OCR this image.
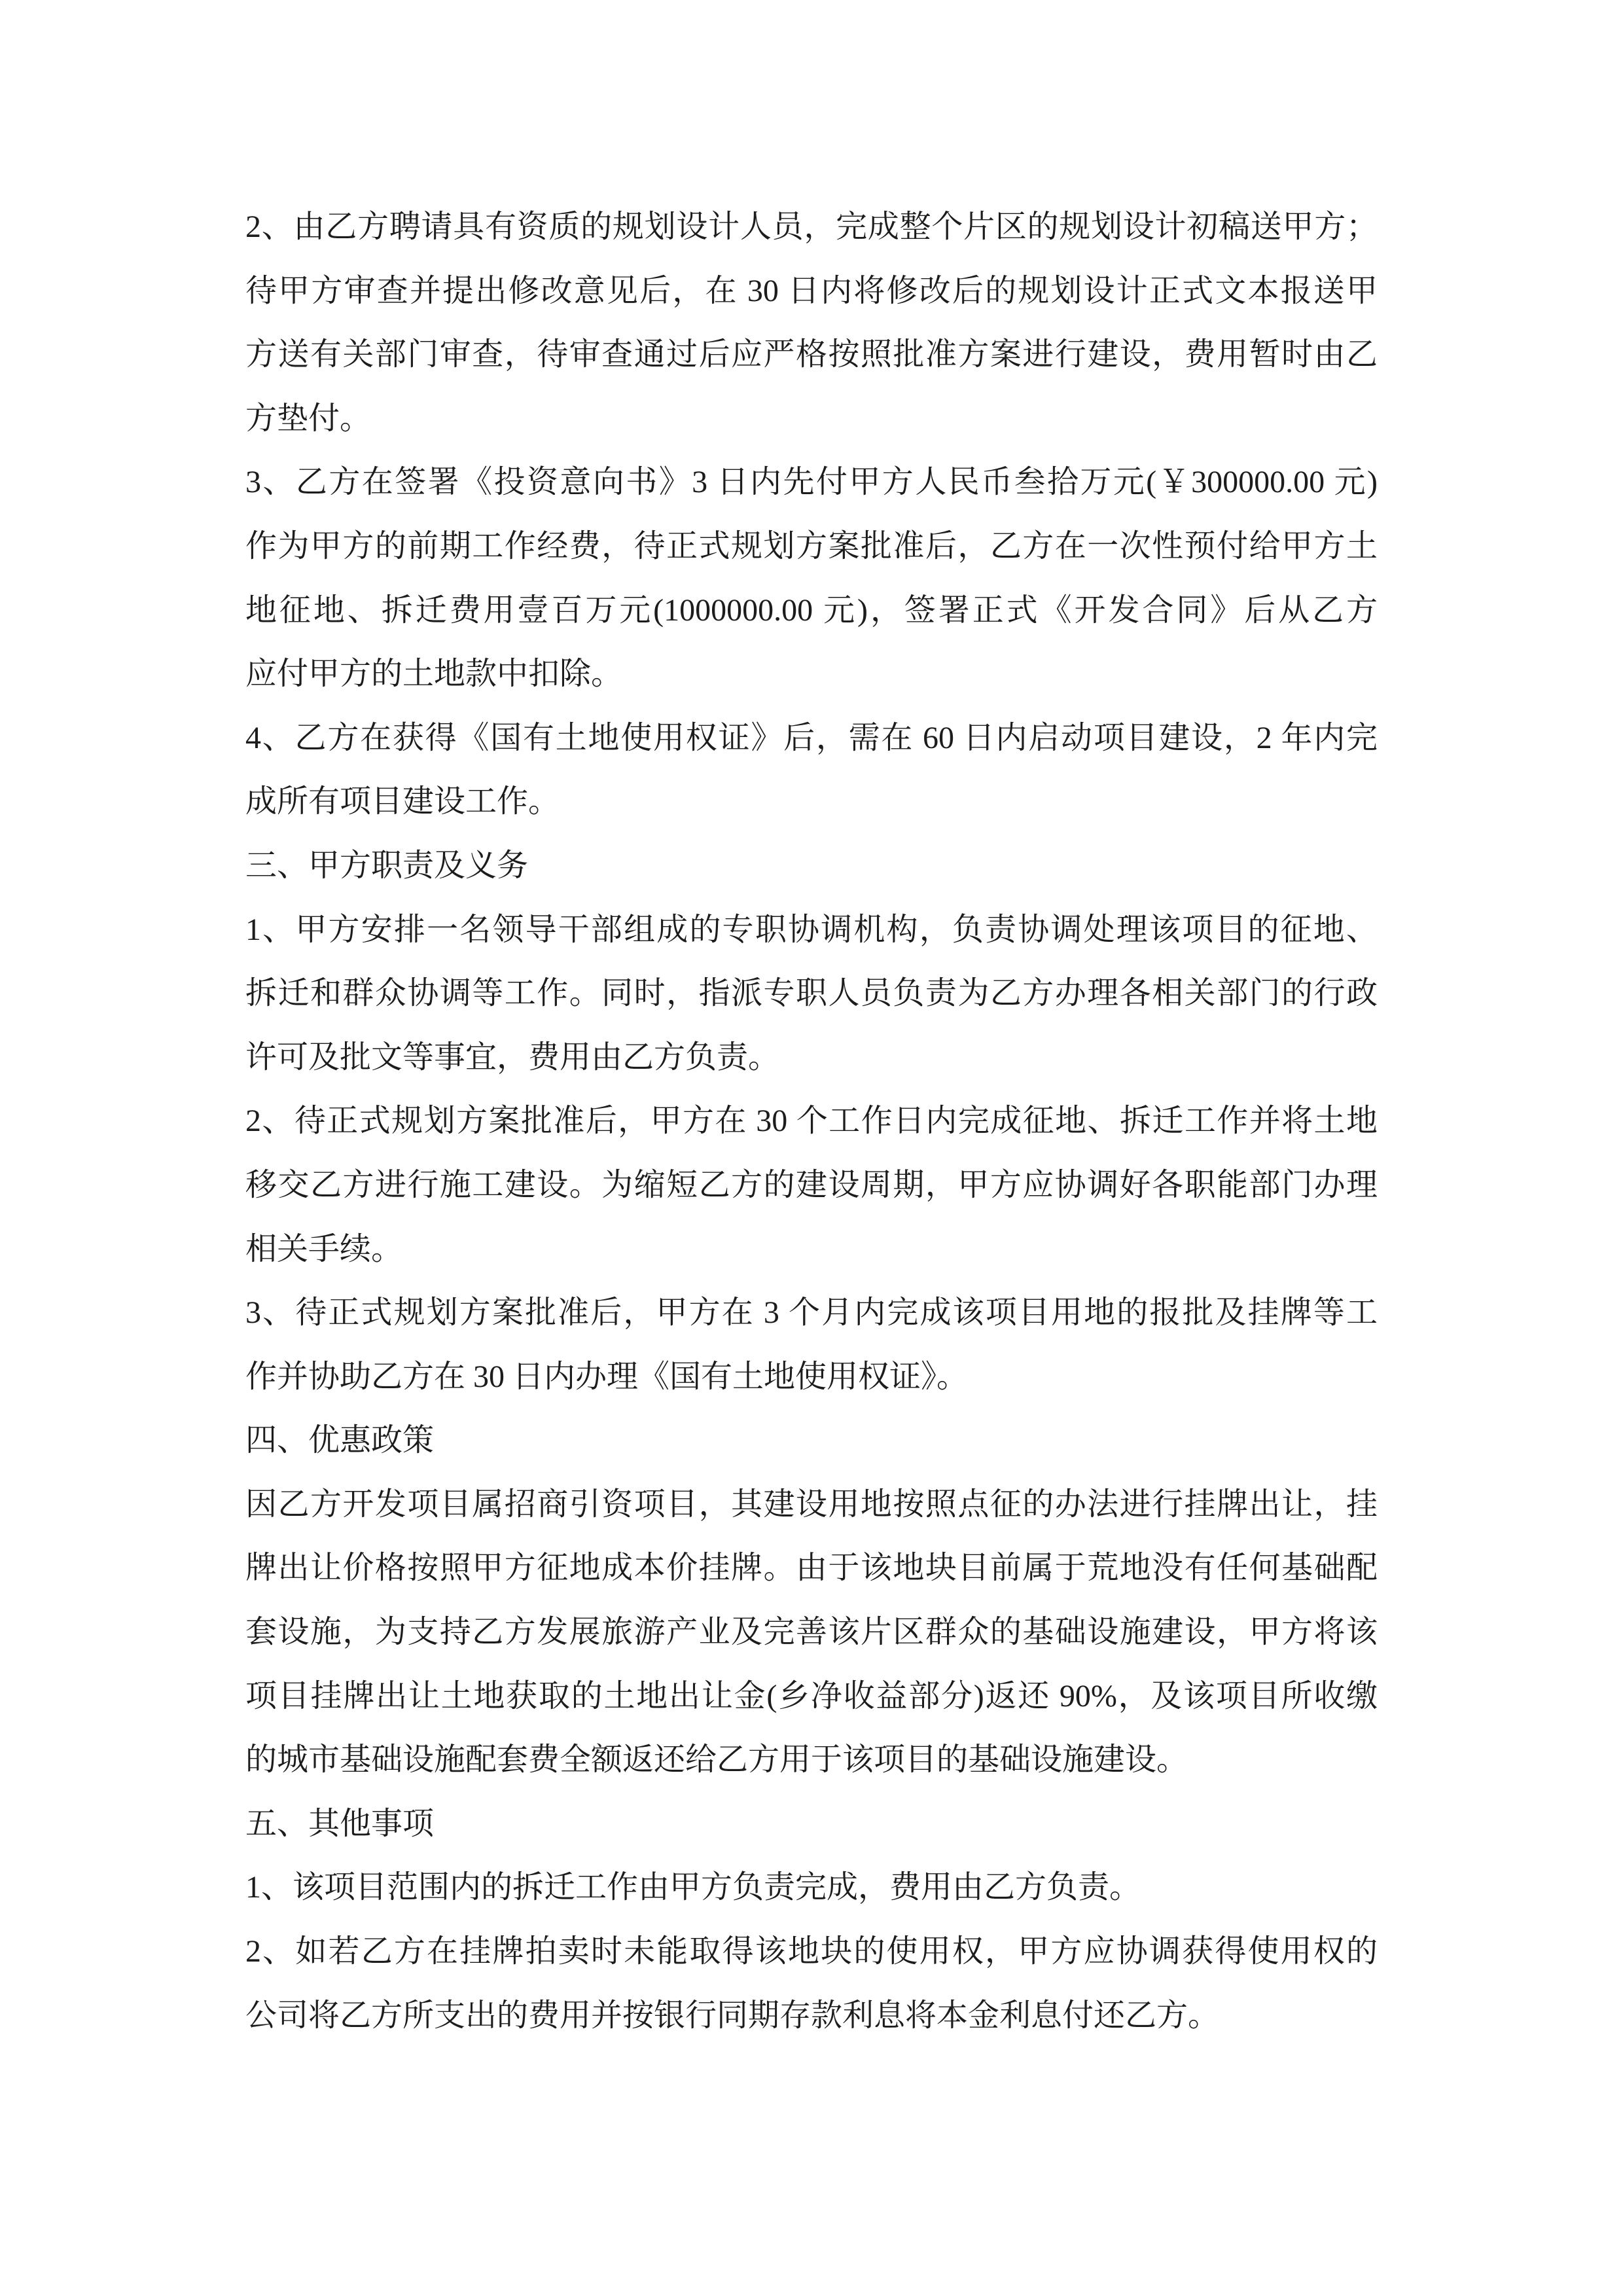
2、由乙方聘请具有资质的规划设计人员，完成整个片区的规划设计初稿送甲方；
待甲方审查并提出修改意见后，在 30 日内将修改后的规划设计正式文本报送甲
方送有关部门审查，待审查通过后应严格按照批准方案进行建设，费用暂时由乙
方垫付。
3、乙方在签署《投资意向书》3 日内先付甲方人民币叁拾万元(￥300000.00 元)
作为甲方的前期工作经费，待正式规划方案批准后，乙方在一次性预付给甲方土
地征地、拆迁费用壹百万元(1000000.00 元)，签署正式《开发合同》后从乙方
应付甲方的土地款中扣除。
4、乙方在获得《国有土地使用权证》后，需在 60 日内启动项目建设，2 年内完
成所有项目建设工作。
三、甲方职责及义务
1、甲方安排一名领导干部组成的专职协调机构，负责协调处理该项目的征地、
拆迁和群众协调等工作。同时，指派专职人员负责为乙方办理各相关部门的行政
许可及批文等事宜，费用由乙方负责。
2、待正式规划方案批准后，甲方在 30 个工作日内完成征地、拆迁工作并将土地
移交乙方进行施工建设。为缩短乙方的建设周期，甲方应协调好各职能部门办理
相关手续。
3、待正式规划方案批准后，甲方在 3 个月内完成该项目用地的报批及挂牌等工
作并协助乙方在 30 日内办理《国有土地使用权证》。
四、优惠政策
因乙方开发项目属招商引资项目，其建设用地按照点征的办法进行挂牌出让，挂
牌出让价格按照甲方征地成本价挂牌。由于该地块目前属于荒地没有任何基础配
套设施，为支持乙方发展旅游产业及完善该片区群众的基础设施建设，甲方将该
项目挂牌出让土地获取的土地出让金(乡净收益部分)返还 90%，及该项目所收缴
的城市基础设施配套费全额返还给乙方用于该项目的基础设施建设。
五、其他事项
1、该项目范围内的拆迁工作由甲方负责完成，费用由乙方负责。
2、如若乙方在挂牌拍卖时未能取得该地块的使用权，甲方应协调获得使用权的
公司将乙方所支出的费用并按银行同期存款利息将本金利息付还乙方。
